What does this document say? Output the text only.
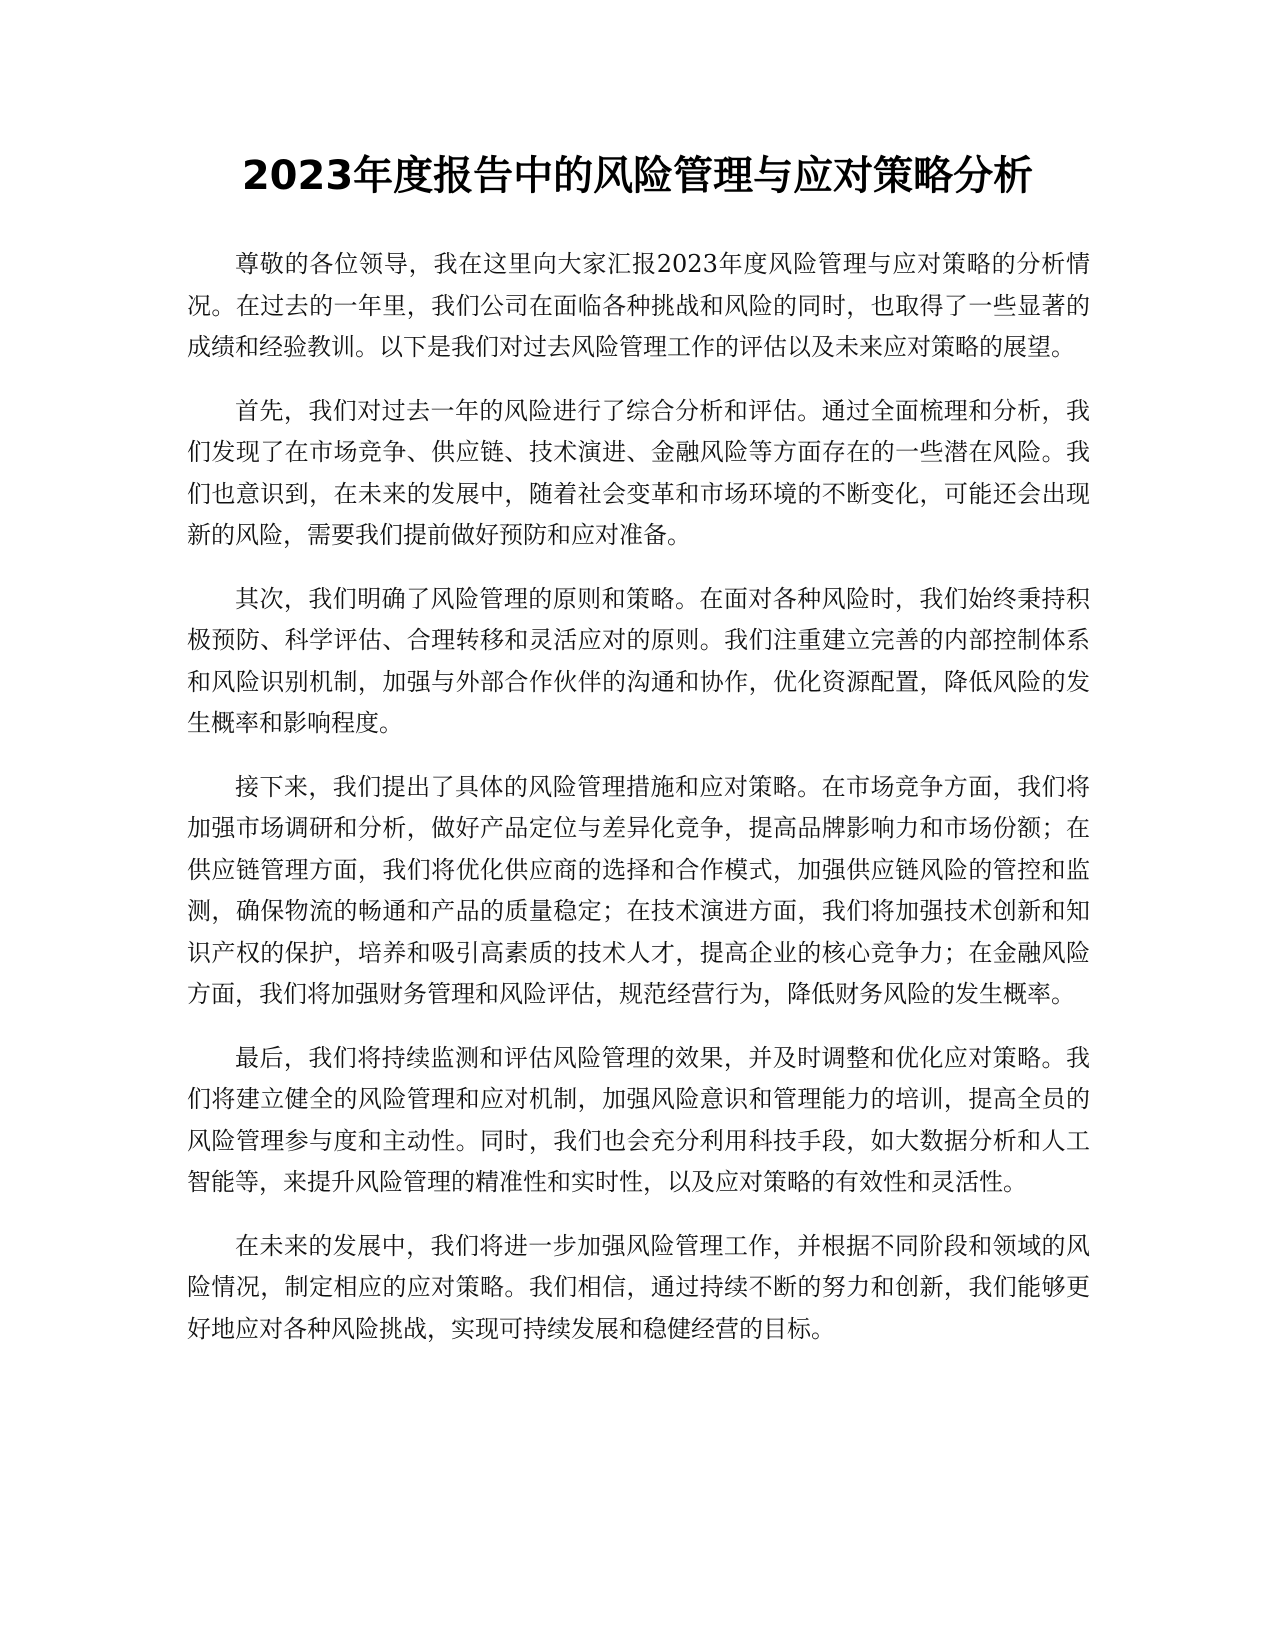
2023年度报告中的风险管理与应对策略分析

尊敬的各位领导，我在这里向大家汇报2023年度风险管理与应对策略的分析情况。在过去的一年里，我们公司在面临各种挑战和风险的同时，也取得了一些显著的成绩和经验教训。以下是我们对过去风险管理工作的评估以及未来应对策略的展望。

首先，我们对过去一年的风险进行了综合分析和评估。通过全面梳理和分析，我们发现了在市场竞争、供应链、技术演进、金融风险等方面存在的一些潜在风险。我们也意识到，在未来的发展中，随着社会变革和市场环境的不断变化，可能还会出现新的风险，需要我们提前做好预防和应对准备。

其次，我们明确了风险管理的原则和策略。在面对各种风险时，我们始终秉持积极预防、科学评估、合理转移和灵活应对的原则。我们注重建立完善的内部控制体系和风险识别机制，加强与外部合作伙伴的沟通和协作，优化资源配置，降低风险的发生概率和影响程度。

接下来，我们提出了具体的风险管理措施和应对策略。在市场竞争方面，我们将加强市场调研和分析，做好产品定位与差异化竞争，提高品牌影响力和市场份额；在供应链管理方面，我们将优化供应商的选择和合作模式，加强供应链风险的管控和监测，确保物流的畅通和产品的质量稳定；在技术演进方面，我们将加强技术创新和知识产权的保护，培养和吸引高素质的技术人才，提高企业的核心竞争力；在金融风险方面，我们将加强财务管理和风险评估，规范经营行为，降低财务风险的发生概率。

最后，我们将持续监测和评估风险管理的效果，并及时调整和优化应对策略。我们将建立健全的风险管理和应对机制，加强风险意识和管理能力的培训，提高全员的风险管理参与度和主动性。同时，我们也会充分利用科技手段，如大数据分析和人工智能等，来提升风险管理的精准性和实时性，以及应对策略的有效性和灵活性。

在未来的发展中，我们将进一步加强风险管理工作，并根据不同阶段和领域的风险情况，制定相应的应对策略。我们相信，通过持续不断的努力和创新，我们能够更好地应对各种风险挑战，实现可持续发展和稳健经营的目标。
